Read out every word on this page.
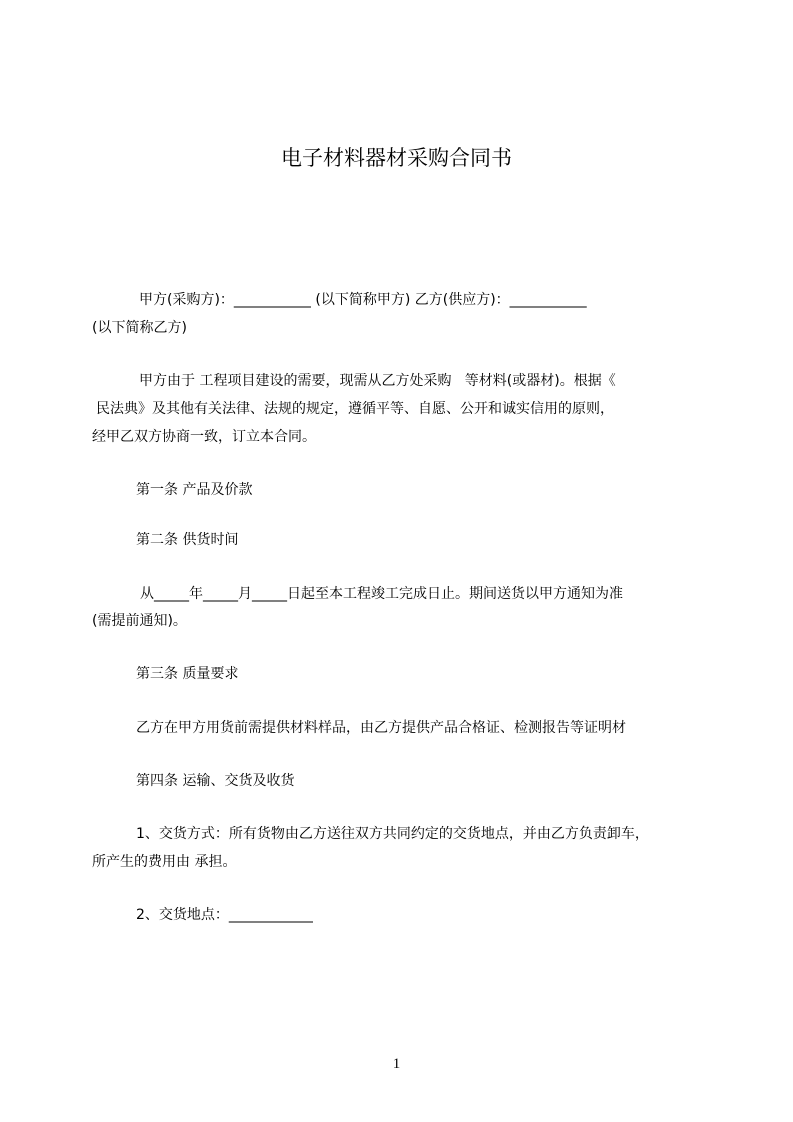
电子材料器材采购合同书
甲方(采购方)：___________ (以下简称甲方) 乙方(供应方)：___________
(以下简称乙方)
甲方由于 工程项目建设的需要，现需从乙方处采购   等材料(或器材)。根据《
民法典》及其他有关法律、法规的规定，遵循平等、自愿、公开和诚实信用的原则，
经甲乙双方协商一致，订立本合同。
第一条 产品及价款
第二条 供货时间
从_____年_____月_____日起至本工程竣工完成日止。期间送货以甲方通知为准
(需提前通知)。
第三条 质量要求
乙方在甲方用货前需提供材料样品，由乙方提供产品合格证、检测报告等证明材
第四条 运输、交货及收货
1、交货方式：所有货物由乙方送往双方共同约定的交货地点，并由乙方负责卸车，
所产生的费用由 承担。
2、交货地点：____________
1
